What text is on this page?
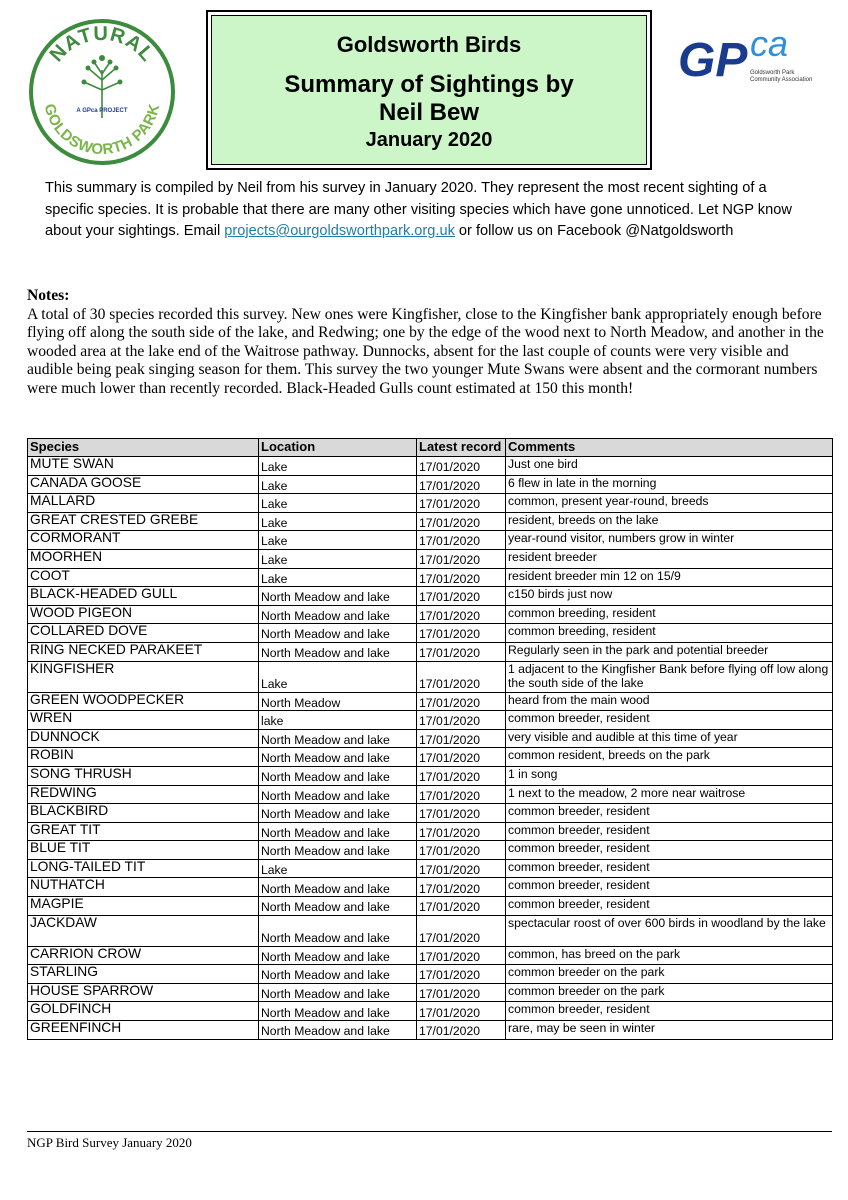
NATURAL
GOLDSWORTH PARK
A GPca PROJECT
Goldsworth Birds
Summary of Sightings by
Neil Bew
January 2020
GP ca
Goldsworth Park
Community Association
This summary is compiled by Neil from his survey in January 2020. They represent the most recent sighting of a specific species. It is probable that there are many other visiting species which have gone unnoticed. Let NGP know about your sightings. Email projects@ourgoldsworthpark.org.uk or follow us on Facebook @Natgoldsworth
Notes:
A total of 30 species recorded this survey. New ones were Kingfisher, close to the Kingfisher bank appropriately enough before flying off along the south side of the lake, and Redwing; one by the edge of the wood next to North Meadow, and another in the wooded area at the lake end of the Waitrose pathway. Dunnocks, absent for the last couple of counts were very visible and audible being peak singing season for them. This survey the two younger Mute Swans were absent and the cormorant numbers were much lower than recently recorded. Black-Headed Gulls count estimated at 150 this month!
Species	Location	Latest record	Comments
MUTE SWAN	Lake	17/01/2020	Just one bird
CANADA GOOSE	Lake	17/01/2020	6 flew in late in the morning
MALLARD	Lake	17/01/2020	common, present year-round, breeds
GREAT CRESTED GREBE	Lake	17/01/2020	resident, breeds on the lake
CORMORANT	Lake	17/01/2020	year-round visitor, numbers grow in winter
MOORHEN	Lake	17/01/2020	resident breeder
COOT	Lake	17/01/2020	resident breeder min 12 on 15/9
BLACK-HEADED GULL	North Meadow and lake	17/01/2020	c150 birds just now
WOOD PIGEON	North Meadow and lake	17/01/2020	common breeding, resident
COLLARED DOVE	North Meadow and lake	17/01/2020	common breeding, resident
RING NECKED PARAKEET	North Meadow and lake	17/01/2020	Regularly seen in the park and potential breeder
KINGFISHER	Lake	17/01/2020	1 adjacent to the Kingfisher Bank before flying off low along the south side of the lake
GREEN WOODPECKER	North Meadow	17/01/2020	heard from the main wood
WREN	lake	17/01/2020	common breeder, resident
DUNNOCK	North Meadow and lake	17/01/2020	very visible and audible at this time of year
ROBIN	North Meadow and lake	17/01/2020	common resident, breeds on the park
SONG THRUSH	North Meadow and lake	17/01/2020	1 in song
REDWING	North Meadow and lake	17/01/2020	1 next to the meadow, 2 more near waitrose
BLACKBIRD	North Meadow and lake	17/01/2020	common breeder, resident
GREAT TIT	North Meadow and lake	17/01/2020	common breeder, resident
BLUE TIT	North Meadow and lake	17/01/2020	common breeder, resident
LONG-TAILED TIT	Lake	17/01/2020	common breeder, resident
NUTHATCH	North Meadow and lake	17/01/2020	common breeder, resident
MAGPIE	North Meadow and lake	17/01/2020	common breeder, resident
JACKDAW	North Meadow and lake	17/01/2020	spectacular roost of over 600 birds in woodland by the lake
CARRION CROW	North Meadow and lake	17/01/2020	common, has breed on the park
STARLING	North Meadow and lake	17/01/2020	common breeder on the park
HOUSE SPARROW	North Meadow and lake	17/01/2020	common breeder on the park
GOLDFINCH	North Meadow and lake	17/01/2020	common breeder, resident
GREENFINCH	North Meadow and lake	17/01/2020	rare, may be seen in winter
NGP Bird Survey January 2020
